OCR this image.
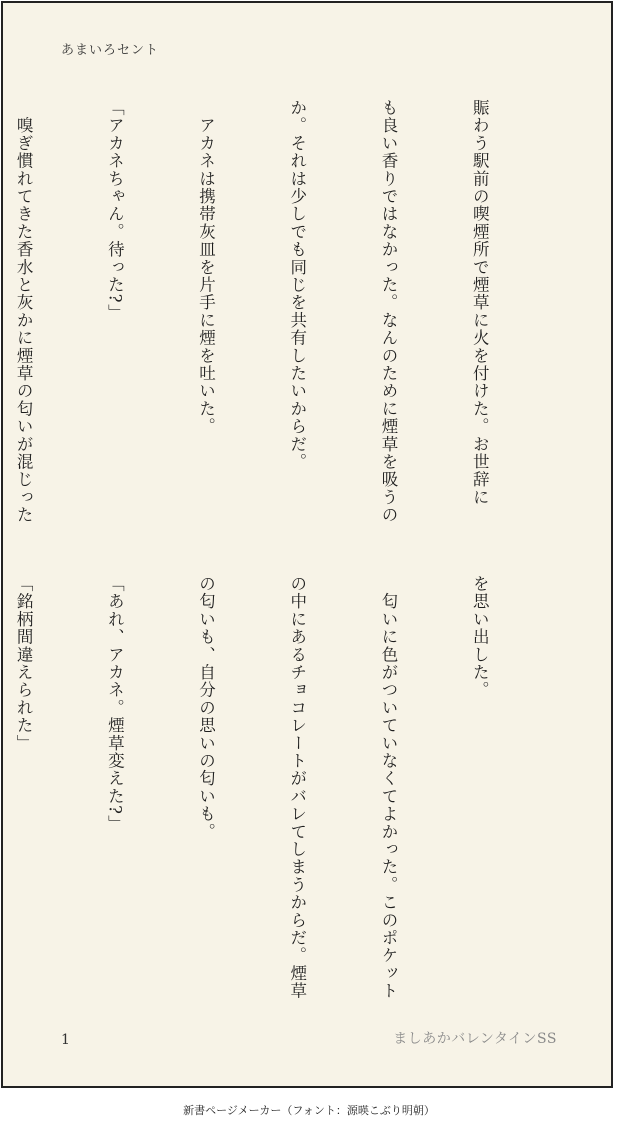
あまいろセント

賑わう駅前の喫煙所で煙草に火を付けた。お世辞に

も良い香りではなかった。なんのために煙草を吸うの

か。それは少しでも同じを共有したいからだ。

　アカネは携帯灰皿を片手に煙を吐いた。

「アカネちゃん。待った?」

　嗅ぎ慣れてきた香水と灰かに煙草の匂いが混じった

を思い出した。

　匂いに色がついていなくてよかった。このポケット

の中にあるチョコレートがバレてしまうからだ。煙草

の匂いも、自分の思いの匂いも。

「あれ、アカネ。煙草変えた?」

「銘柄間違えられた」

1	ましあかバレンタインSS
新書ページメーカー（フォント：源暎こぶり明朝）
